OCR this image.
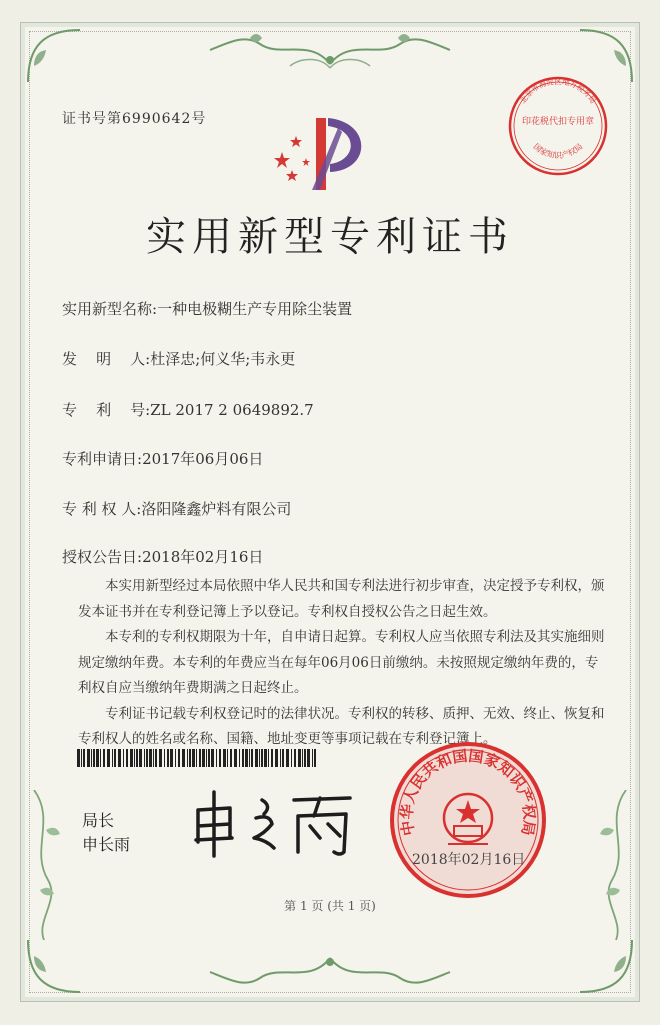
证书号第6990642号
实用新型专利证书
实用新型名称:一种电极糊生产专用除尘装置
发    明    人:杜泽忠;何义华;韦永更
专    利    号:ZL 2017 2 0649892.7
专利申请日:2017年06月06日
专 利 权 人:洛阳隆鑫炉料有限公司
授权公告日:2018年02月16日

　　本实用新型经过本局依照中华人民共和国专利法进行初步审查，决定授予专利权，颁

发本证书并在专利登记簿上予以登记。专利权自授权公告之日起生效。

　　本专利的专利权期限为十年，自申请日起算。专利权人应当依照专利法及其实施细则

规定缴纳年费。本专利的年费应当在每年06月06日前缴纳。未按照规定缴纳年费的，专

利权自应当缴纳年费期满之日起终止。

　　专利证书记载专利权登记时的法律状况。专利权的转移、质押、无效、终止、恢复和

专利权人的姓名或名称、国籍、地址变更等事项记载在专利登记簿上。

局长
申长雨
中华人民共和国国家知识产权局
2018年02月16日
北京市海淀区地方税务局
印花税代扣专用章
国家知识产权局
第 1 页 (共 1 页)
